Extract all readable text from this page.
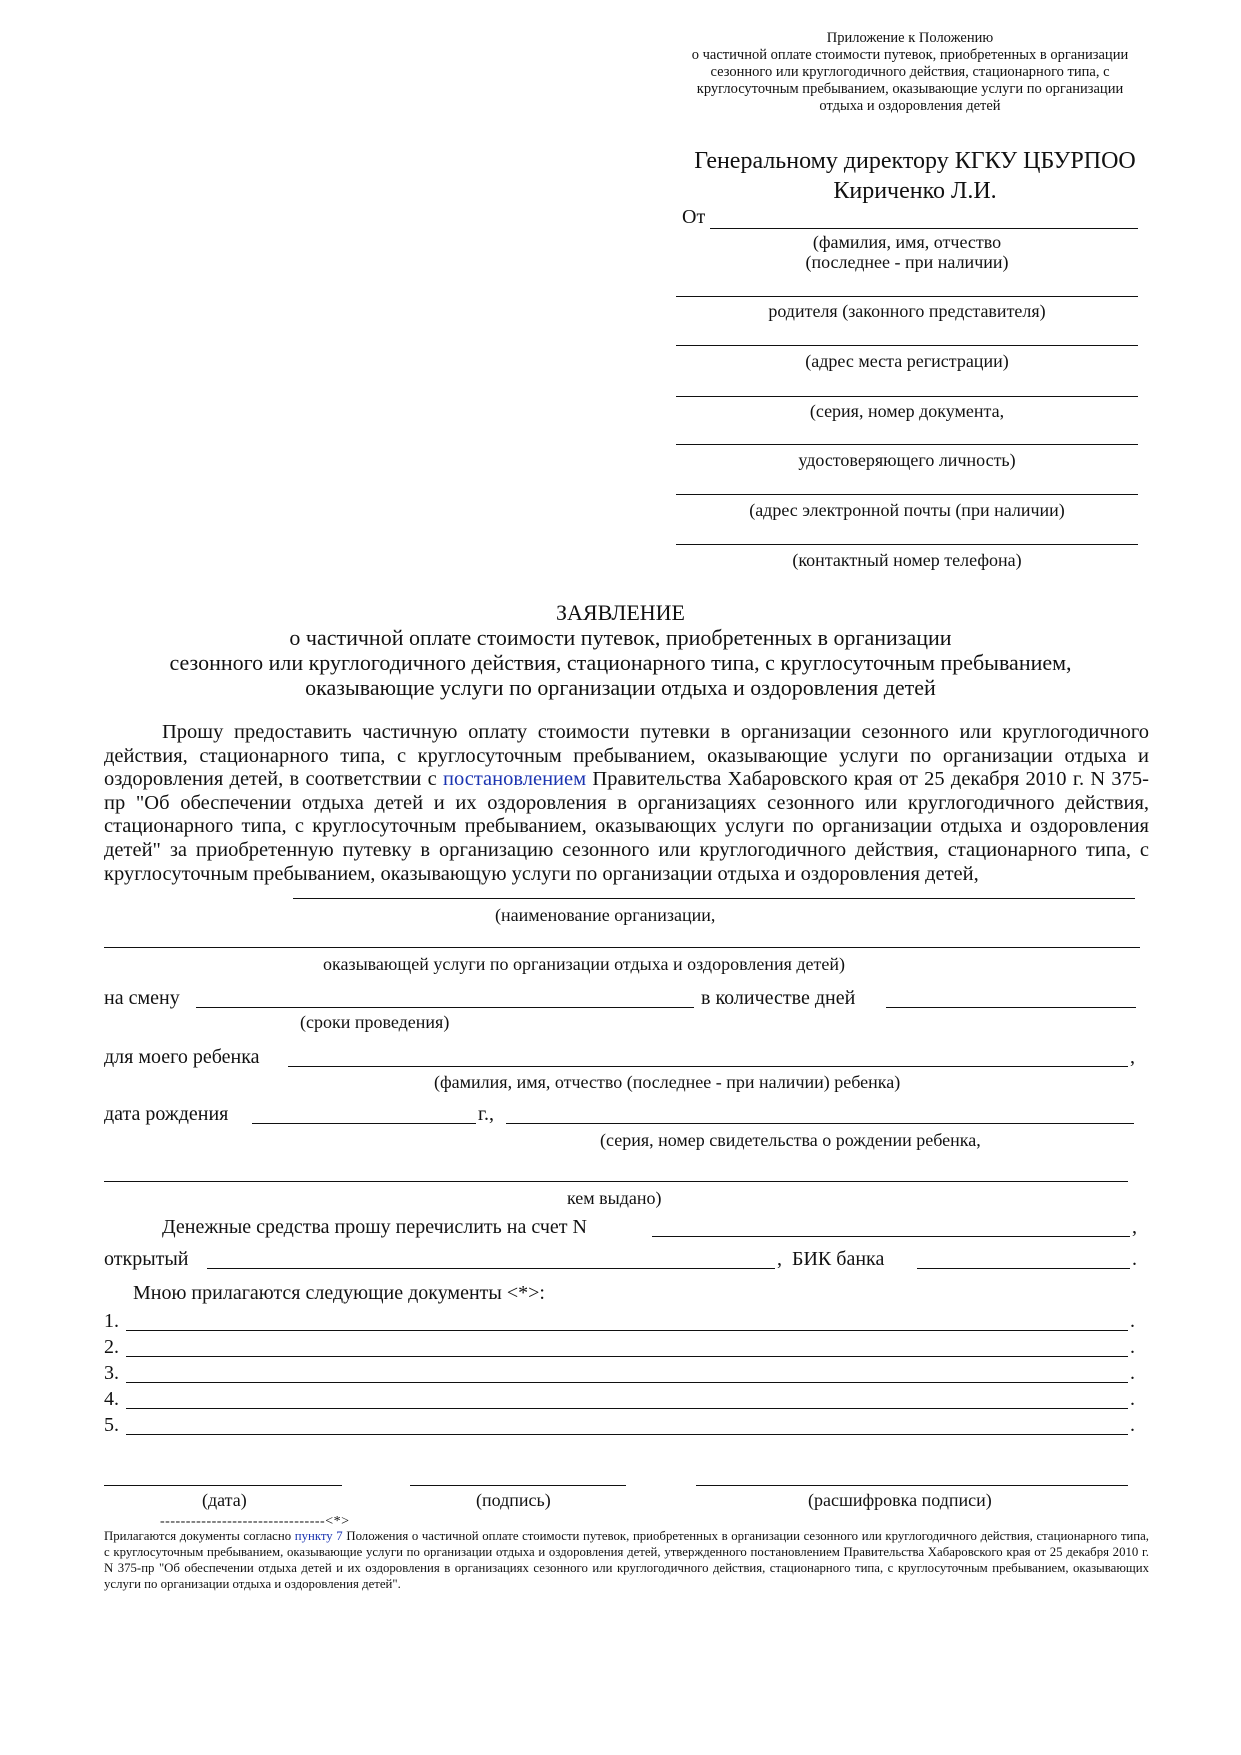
Приложение к Положению
о частичной оплате стоимости путевок, приобретенных в организации
сезонного или круглогодичного действия, стационарного типа, с
круглосуточным пребыванием, оказывающие услуги по организации
отдыха и оздоровления детей
Генеральному директору КГКУ ЦБУРПОО
Кириченко Л.И.
От
(фамилия, имя, отчество
(последнее - при наличии)
родителя (законного представителя)
(адрес места регистрации)
(серия, номер документа,
удостоверяющего личность)
(адрес электронной почты (при наличии)
(контактный номер телефона)
ЗАЯВЛЕНИЕ
о частичной оплате стоимости путевок, приобретенных в организации
сезонного или круглогодичного действия, стационарного типа, с круглосуточным пребыванием,
оказывающие услуги по организации отдыха и оздоровления детей
Прошу предоставить частичную оплату стоимости путевки в организации сезонного или круглогодичного действия, стационарного типа, с круглосуточным пребыванием, оказывающие услуги по организации отдыха и оздоровления детей, в соответствии с постановлением Правительства Хабаровского края от 25 декабря 2010 г. N 375-пр "Об обеспечении отдыха детей и их оздоровления в организациях сезонного или круглогодичного действия, стационарного типа, с круглосуточным пребыванием, оказывающих услуги по организации отдыха и оздоровления детей" за приобретенную путевку в организацию сезонного или круглогодичного действия, стационарного типа, с круглосуточным пребыванием, оказывающую услуги по организации отдыха и оздоровления детей,
(наименование организации,
оказывающей услуги по организации отдыха и оздоровления детей)
на смену	в количестве дней
(сроки проведения)
для моего ребенка	,
(фамилия, имя, отчество (последнее - при наличии) ребенка)
дата рождения	г.,
(серия, номер свидетельства о рождении ребенка,
кем выдано)
Денежные средства прошу перечислить на счет N	,
открытый	, БИК банка	.
Мною прилагаются следующие документы <*>:
1.	.
2.	.
3.	.
4.	.
5.	.
(дата)	(подпись)	(расшифровка подписи)
--------------------------------<*>
Прилагаются документы согласно пункту 7 Положения о частичной оплате стоимости путевок, приобретенных в организации сезонного или круглогодичного действия, стационарного типа, с круглосуточным пребыванием, оказывающие услуги по организации отдыха и оздоровления детей, утвержденного постановлением Правительства Хабаровского края от 25 декабря 2010 г. N 375-пр "Об обеспечении отдыха детей и их оздоровления в организациях сезонного или круглогодичного действия, стационарного типа, с круглосуточным пребыванием, оказывающих услуги по организации отдыха и оздоровления детей".
